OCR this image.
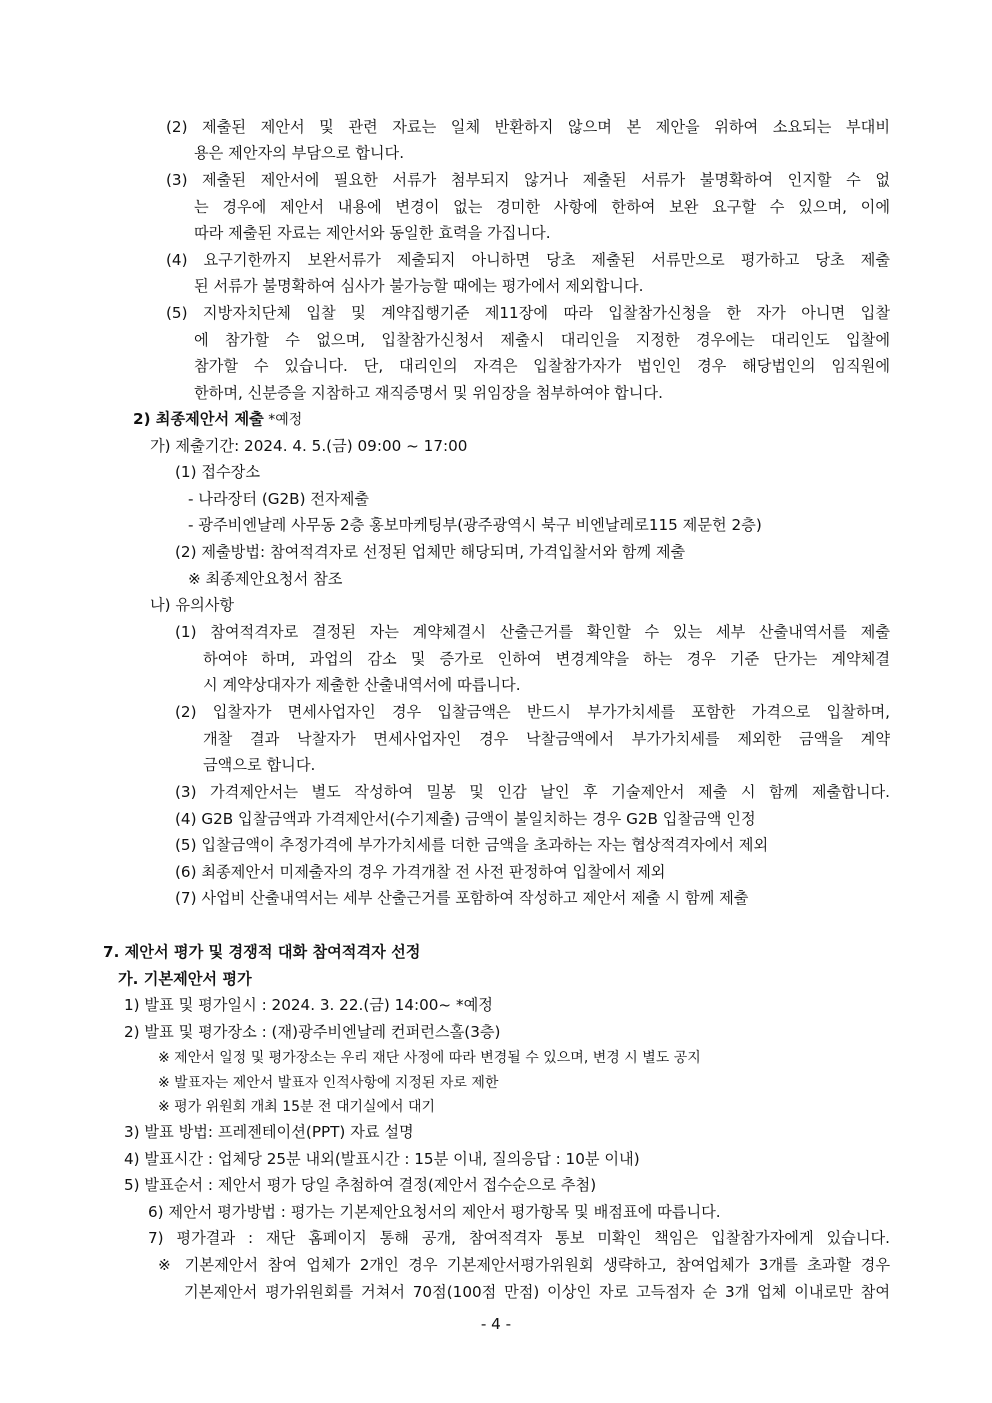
(2) 제출된 제안서 및 관련 자료는 일체 반환하지 않으며 본 제안을 위하여 소요되는 부대비
용은 제안자의 부담으로 합니다.
(3) 제출된 제안서에 필요한 서류가 첨부되지 않거나 제출된 서류가 불명확하여 인지할 수 없
는 경우에 제안서 내용에 변경이 없는 경미한 사항에 한하여 보완 요구할 수 있으며, 이에
따라 제출된 자료는 제안서와 동일한 효력을 가집니다.
(4) 요구기한까지 보완서류가 제출되지 아니하면 당초 제출된 서류만으로 평가하고 당초 제출
된 서류가 불명확하여 심사가 불가능할 때에는 평가에서 제외합니다.
(5) 지방자치단체 입찰 및 계약집행기준 제11장에 따라 입찰참가신청을 한 자가 아니면 입찰
에 참가할 수 없으며, 입찰참가신청서 제출시 대리인을 지정한 경우에는 대리인도 입찰에
참가할 수 있습니다. 단, 대리인의 자격은 입찰참가자가 법인인 경우 해당법인의 임직원에
한하며, 신분증을 지참하고 재직증명서 및 위임장을 첨부하여야 합니다.
2) 최종제안서 제출 *예정
가) 제출기간: 2024. 4. 5.(금) 09:00 ~ 17:00
(1) 접수장소
- 나라장터 (G2B) 전자제출
- 광주비엔날레 사무동 2층 홍보마케팅부(광주광역시 북구 비엔날레로115 제문헌 2층)
(2) 제출방법: 참여적격자로 선정된 업체만 해당되며, 가격입찰서와 함께 제출
※ 최종제안요청서 참조
나) 유의사항
(1) 참여적격자로 결정된 자는 계약체결시 산출근거를 확인할 수 있는 세부 산출내역서를 제출
하여야 하며, 과업의 감소 및 증가로 인하여 변경계약을 하는 경우 기준 단가는 계약체결
시 계약상대자가 제출한 산출내역서에 따릅니다.
(2) 입찰자가 면세사업자인 경우 입찰금액은 반드시 부가가치세를 포함한 가격으로 입찰하며,
개찰 결과 낙찰자가 면세사업자인 경우 낙찰금액에서 부가가치세를 제외한 금액을 계약
금액으로 합니다.
(3) 가격제안서는 별도 작성하여 밀봉 및 인감 날인 후 기술제안서 제출 시 함께 제출합니다.
(4) G2B 입찰금액과 가격제안서(수기제출) 금액이 불일치하는 경우 G2B 입찰금액 인정
(5) 입찰금액이 추정가격에 부가가치세를 더한 금액을 초과하는 자는 협상적격자에서 제외
(6) 최종제안서 미제출자의 경우 가격개찰 전 사전 판정하여 입찰에서 제외
(7) 사업비 산출내역서는 세부 산출근거를 포함하여 작성하고 제안서 제출 시 함께 제출
7. 제안서 평가 및 경쟁적 대화 참여적격자 선정
가. 기본제안서 평가
1) 발표 및 평가일시 : 2024. 3. 22.(금) 14:00~ *예정
2) 발표 및 평가장소 : (재)광주비엔날레 컨퍼런스홀(3층)
※ 제안서 일정 및 평가장소는 우리 재단 사정에 따라 변경될 수 있으며, 변경 시 별도 공지
※ 발표자는 제안서 발표자 인적사항에 지정된 자로 제한
※ 평가 위원회 개최 15분 전 대기실에서 대기
3) 발표 방법: 프레젠테이션(PPT) 자료 설명
4) 발표시간 : 업체당 25분 내외(발표시간 : 15분 이내, 질의응답 : 10분 이내)
5) 발표순서 : 제안서 평가 당일 추첨하여 결정(제안서 접수순으로 추첨)
6) 제안서 평가방법 : 평가는 기본제안요청서의 제안서 평가항목 및 배점표에 따릅니다.
7) 평가결과 : 재단 홈페이지 통해 공개, 참여적격자 통보 미확인 책임은 입찰참가자에게 있습니다.
※ 기본제안서 참여 업체가 2개인 경우 기본제안서평가위원회 생략하고, 참여업체가 3개를 초과할 경우
기본제안서 평가위원회를 거쳐서 70점(100점 만점) 이상인 자로 고득점자 순 3개 업체 이내로만 참여
- 4 -
